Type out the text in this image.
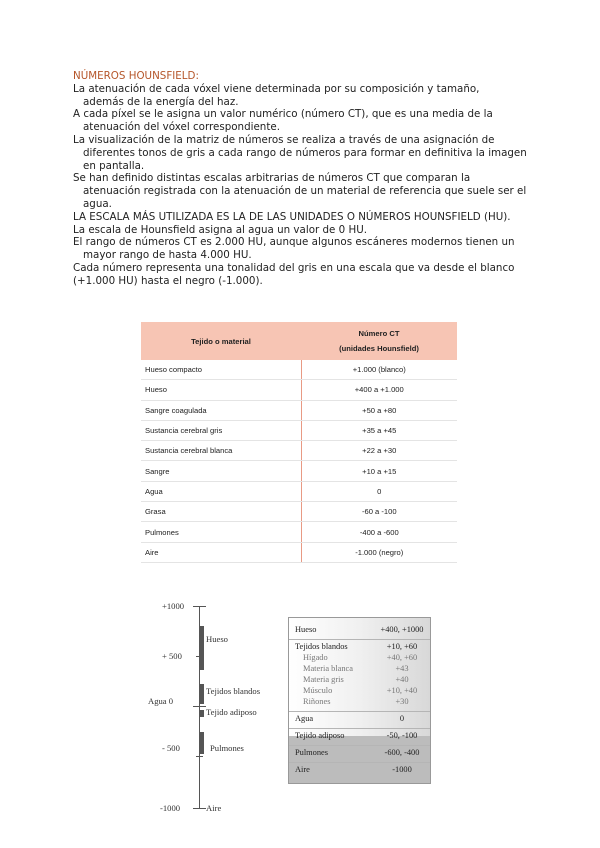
NÚMEROS HOUNSFIELD:

La atenuación de cada vóxel viene determinada por su composición y tamaño,

además de la energía del haz.

A cada píxel se le asigna un valor numérico (número CT), que es una media de la

atenuación del vóxel correspondiente.

La visualización de la matriz de números se realiza a través de una asignación de

diferentes tonos de gris a cada rango de números para formar en definitiva la imagen

en pantalla.

Se han definido distintas escalas arbitrarias de números CT que comparan la

atenuación registrada con la atenuación de un material de referencia que suele ser el

agua.

LA ESCALA MÁS UTILIZADA ES LA DE LAS UNIDADES O NÚMEROS HOUNSFIELD (HU).

La escala de Hounsfield asigna al agua un valor de 0 HU.

El rango de números CT es 2.000 HU, aunque algunos escáneres modernos tienen un

mayor rango de hasta 4.000 HU.

Cada número representa una tonalidad del gris en una escala que va desde el blanco

(+1.000 HU) hasta el negro (-1.000).

Tejido o material	Número CT
(unidades Hounsfield)
Hueso compacto	+1.000 (blanco)
Hueso	+400 a +1.000
Sangre coagulada	+50 a +80
Sustancia cerebral gris	+35 a +45
Sustancia cerebral blanca	+22 a +30
Sangre	+10 a +15
Agua	0
Grasa	-60 a -100
Pulmones	-400 a -600
Aire	-1.000 (negro)
+1000
+ 500
Agua 0
- 500
-1000
Hueso
Tejidos blandos
Tejido adiposo
Pulmones
Aire
Hueso	+400, +1000
Tejidos blandos	+10, +60
Hígado	+40, +60
Materia blanca	+43
Materia gris	+40
Músculo	+10, +40
Riñones	+30
Agua	0
Tejido adiposo	-50, -100
Pulmones	-600, -400
Aire	-1000
